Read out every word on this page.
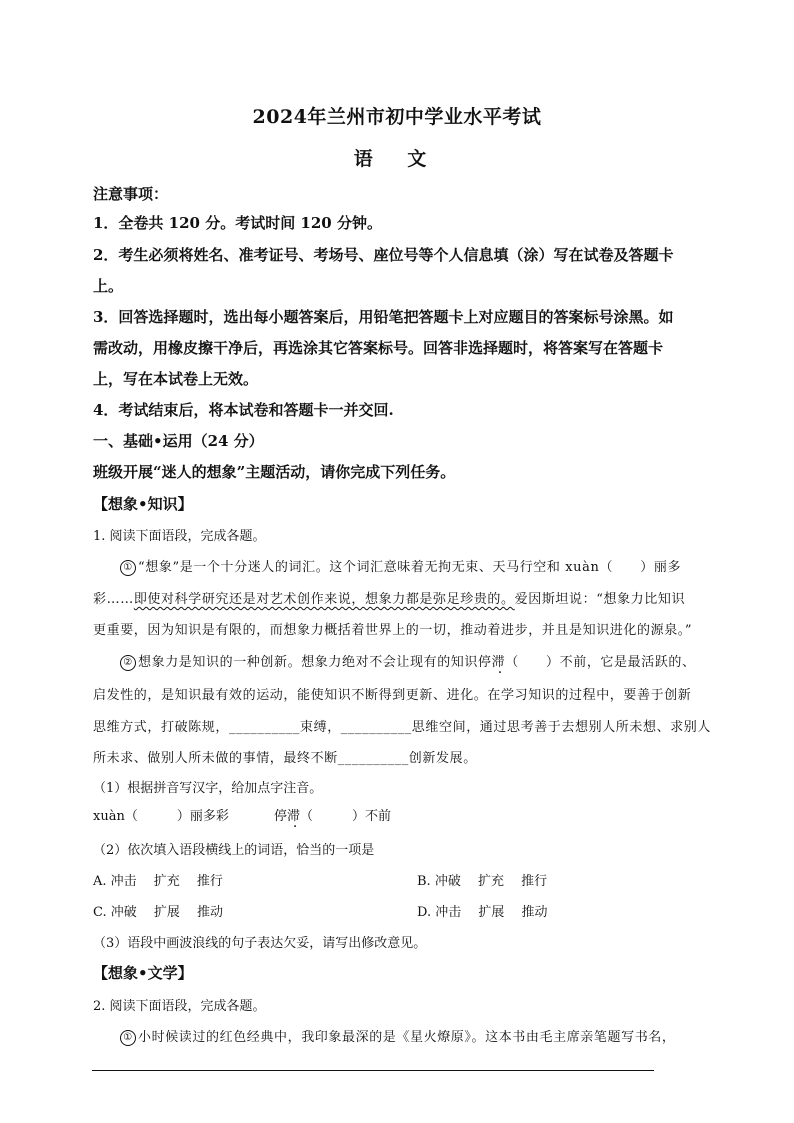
2024年兰州市初中学业水平考试
语 文
注意事项：
1．全卷共 120 分。考试时间 120 分钟。
2．考生必须将姓名、准考证号、考场号、座位号等个人信息填（涂）写在试卷及答题卡
上。
3．回答选择题时，选出每小题答案后，用铅笔把答题卡上对应题目的答案标号涂黑。如
需改动，用橡皮擦干净后，再选涂其它答案标号。回答非选择题时，将答案写在答题卡
上，写在本试卷上无效。
4．考试结束后，将本试卷和答题卡一并交回.
一、基础•运用（24 分）
班级开展“迷人的想象”主题活动，请你完成下列任务。
【想象•知识】
1. 阅读下面语段，完成各题。
① “想象”是一个十分迷人的词汇。这个词汇意味着无拘无束、天马行空和 xuàn（　　）丽多
彩……即使对科学研究还是对艺术创作来说，想象力都是弥足珍贵的。爱因斯坦说：“想象力比知识
更重要，因为知识是有限的，而想象力概括着世界上的一切，推动着进步，并且是知识进化的源泉。”
② 想象力是知识的一种创新。想象力绝对不会让现有的知识停滞（　　）不前，它是最活跃的、
启发性的，是知识最有效的运动，能使知识不断得到更新、进化。在学习知识的过程中，要善于创新
思维方式，打破陈规，__________束缚，__________思维空间，通过思考善于去想别人所未想、求别人
所未求、做别人所未做的事情，最终不断__________创新发展。
（1）根据拼音写汉字，给加点字注音。
xuàn（　　　）丽多彩	停滞（　　　）不前
（2）依次填入语段横线上的词语，恰当的一项是
A. 冲击　 扩充　 推行	B. 冲破　 扩充　 推行
C. 冲破　 扩展　 推动	D. 冲击　 扩展　 推动
（3）语段中画波浪线的句子表达欠妥，请写出修改意见。
【想象•文学】
2. 阅读下面语段，完成各题。
① 小时候读过的红色经典中，我印象最深的是《星火燎原》。这本书由毛主席亲笔题写书名，
